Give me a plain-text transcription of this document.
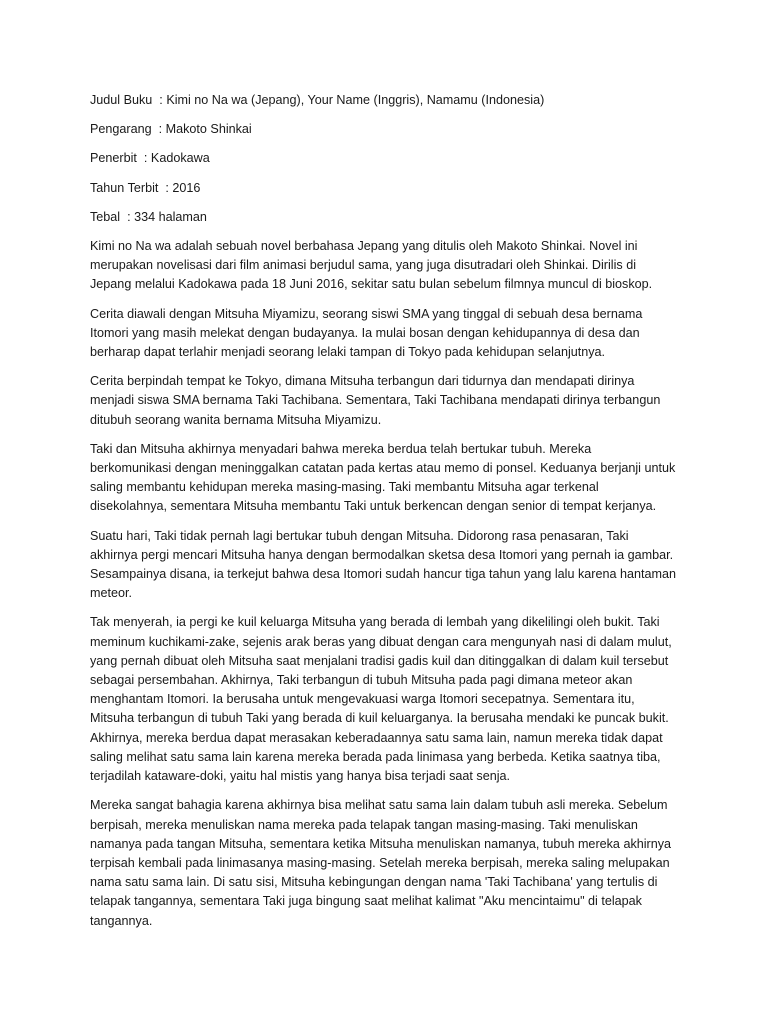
Judul Buku  : Kimi no Na wa (Jepang), Your Name (Inggris), Namamu (Indonesia)

Pengarang  : Makoto Shinkai

Penerbit  : Kadokawa

Tahun Terbit  : 2016

Tebal  : 334 halaman

Kimi no Na wa adalah sebuah novel berbahasa Jepang yang ditulis oleh Makoto Shinkai. Novel ini
merupakan novelisasi dari film animasi berjudul sama, yang juga disutradari oleh Shinkai. Dirilis di
Jepang melalui Kadokawa pada 18 Juni 2016, sekitar satu bulan sebelum filmnya muncul di bioskop.

Cerita diawali dengan Mitsuha Miyamizu, seorang siswi SMA yang tinggal di sebuah desa bernama
Itomori yang masih melekat dengan budayanya. Ia mulai bosan dengan kehidupannya di desa dan
berharap dapat terlahir menjadi seorang lelaki tampan di Tokyo pada kehidupan selanjutnya.

Cerita berpindah tempat ke Tokyo, dimana Mitsuha terbangun dari tidurnya dan mendapati dirinya
menjadi siswa SMA bernama Taki Tachibana. Sementara, Taki Tachibana mendapati dirinya terbangun
ditubuh seorang wanita bernama Mitsuha Miyamizu.

Taki dan Mitsuha akhirnya menyadari bahwa mereka berdua telah bertukar tubuh. Mereka
berkomunikasi dengan meninggalkan catatan pada kertas atau memo di ponsel. Keduanya berjanji untuk
saling membantu kehidupan mereka masing-masing. Taki membantu Mitsuha agar terkenal
disekolahnya, sementara Mitsuha membantu Taki untuk berkencan dengan senior di tempat kerjanya.

Suatu hari, Taki tidak pernah lagi bertukar tubuh dengan Mitsuha. Didorong rasa penasaran, Taki
akhirnya pergi mencari Mitsuha hanya dengan bermodalkan sketsa desa Itomori yang pernah ia gambar.
Sesampainya disana, ia terkejut bahwa desa Itomori sudah hancur tiga tahun yang lalu karena hantaman
meteor.

Tak menyerah, ia pergi ke kuil keluarga Mitsuha yang berada di lembah yang dikelilingi oleh bukit. Taki
meminum kuchikami-zake, sejenis arak beras yang dibuat dengan cara mengunyah nasi di dalam mulut,
yang pernah dibuat oleh Mitsuha saat menjalani tradisi gadis kuil dan ditinggalkan di dalam kuil tersebut
sebagai persembahan. Akhirnya, Taki terbangun di tubuh Mitsuha pada pagi dimana meteor akan
menghantam Itomori. Ia berusaha untuk mengevakuasi warga Itomori secepatnya. Sementara itu,
Mitsuha terbangun di tubuh Taki yang berada di kuil keluarganya. Ia berusaha mendaki ke puncak bukit.
Akhirnya, mereka berdua dapat merasakan keberadaannya satu sama lain, namun mereka tidak dapat
saling melihat satu sama lain karena mereka berada pada linimasa yang berbeda. Ketika saatnya tiba,
terjadilah kataware-doki, yaitu hal mistis yang hanya bisa terjadi saat senja.

Mereka sangat bahagia karena akhirnya bisa melihat satu sama lain dalam tubuh asli mereka. Sebelum
berpisah, mereka menuliskan nama mereka pada telapak tangan masing-masing. Taki menuliskan
namanya pada tangan Mitsuha, sementara ketika Mitsuha menuliskan namanya, tubuh mereka akhirnya
terpisah kembali pada linimasanya masing-masing. Setelah mereka berpisah, mereka saling melupakan
nama satu sama lain. Di satu sisi, Mitsuha kebingungan dengan nama 'Taki Tachibana' yang tertulis di
telapak tangannya, sementara Taki juga bingung saat melihat kalimat "Aku mencintaimu" di telapak
tangannya.
